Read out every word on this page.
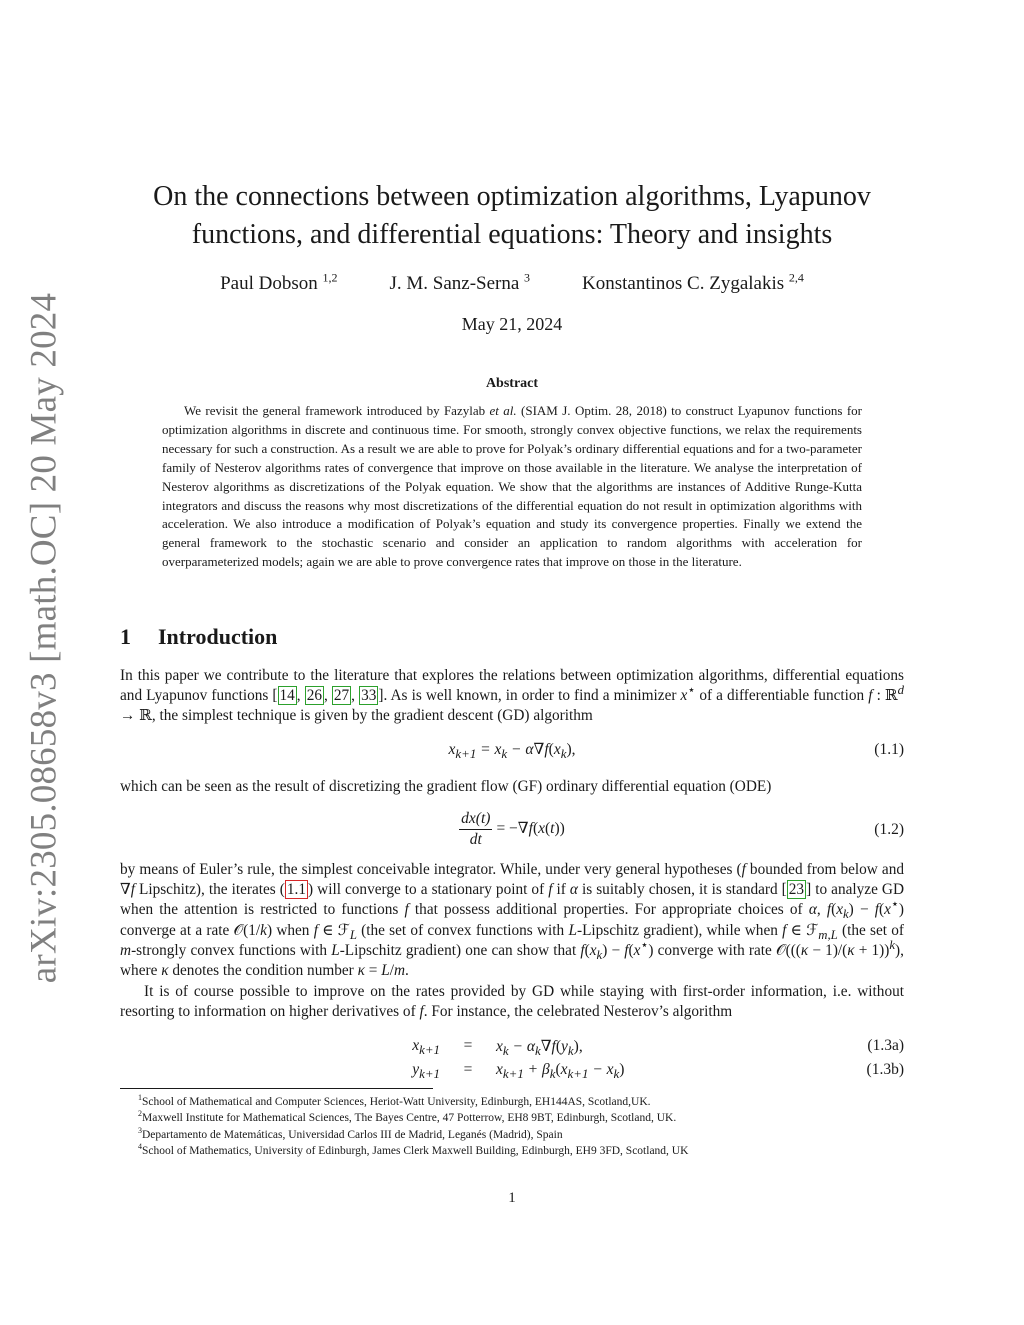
arXiv:2305.08658v3 [math.OC] 20 May 2024
On the connections between optimization algorithms, Lyapunov functions, and differential equations: Theory and insights
Paul Dobson $^{1,2}$	J. M. Sanz-Serna $^3$	Konstantinos C. Zygalakis $^{2,4}$
May 21, 2024
Abstract
We revisit the general framework introduced by Fazylab et al. (SIAM J. Optim. 28, 2018) to construct Lyapunov functions for optimization algorithms in discrete and continuous time. For smooth, strongly convex objective functions, we relax the requirements necessary for such a construction. As a result we are able to prove for Polyak’s ordinary differential equations and for a two-parameter family of Nesterov algorithms rates of convergence that improve on those available in the literature. We analyse the interpretation of Nesterov algorithms as discretizations of the Polyak equation. We show that the algorithms are instances of Additive Runge-Kutta integrators and discuss the reasons why most discretizations of the differential equation do not result in optimization algorithms with acceleration. We also introduce a modification of Polyak’s equation and study its convergence properties. Finally we extend the general framework to the stochastic scenario and consider an application to random algorithms with acceleration for overparameterized models; again we are able to prove convergence rates that improve on those in the literature.
1 Introduction
In this paper we contribute to the literature that explores the relations between optimization algorithms, differential equations and Lyapunov functions [ 14 , 26 , 27 , 33 ]. As is well known, in order to find a minimizer x⋆ of a differentiable function f : ℝ$^d$ → ℝ, the simplest technique is given by the gradient descent (GD) algorithm
$x_{k+1} = x_k - \alpha\nabla f(x_k)$,	(1.1)
which can be seen as the result of discretizing the gradient flow (GF) ordinary differential equation (ODE)
$\frac{dx(t)}{dt} = -\nabla f(x(t))$	(1.2)
by means of Euler’s rule, the simplest conceivable integrator. While, under very general hypotheses (f bounded from below and ∇f Lipschitz), the iterates ( 1.1 ) will converge to a stationary point of f if α is suitably chosen, it is standard [ 23 ] to analyze GD when the attention is restricted to functions f that possess additional properties. For appropriate choices of α, $f(x_k) - f(x^⋆)$ converge at a rate 𝒪(1/k) when f ∈ ℱ$_L$ (the set of convex functions with L-Lipschitz gradient), while when f ∈ ℱ$_{m,L}$ (the set of m-strongly convex functions with L-Lipschitz gradient) one can show that $f(x_k) - f(x^⋆)$ converge with rate 𝒪(((κ − 1)/(κ + 1))$^k$), where κ denotes the condition number κ = L/m.
It is of course possible to improve on the rates provided by GD while staying with first-order information, i.e. without resorting to information on higher derivatives of f. For instance, the celebrated Nesterov’s algorithm
$x_{k+1}$	=	$x_k - \alpha_k\nabla f(y_k)$,	(1.3a)
$y_{k+1}$	=	$x_{k+1} + \beta_k(x_{k+1} - x_k)$	(1.3b)
$^1$School of Mathematical and Computer Sciences, Heriot-Watt University, Edinburgh, EH144AS, Scotland,UK.
$^2$Maxwell Institute for Mathematical Sciences, The Bayes Centre, 47 Potterrow, EH8 9BT, Edinburgh, Scotland, UK.
$^3$Departamento de Matemáticas, Universidad Carlos III de Madrid, Leganés (Madrid), Spain
$^4$School of Mathematics, University of Edinburgh, James Clerk Maxwell Building, Edinburgh, EH9 3FD, Scotland, UK
1
